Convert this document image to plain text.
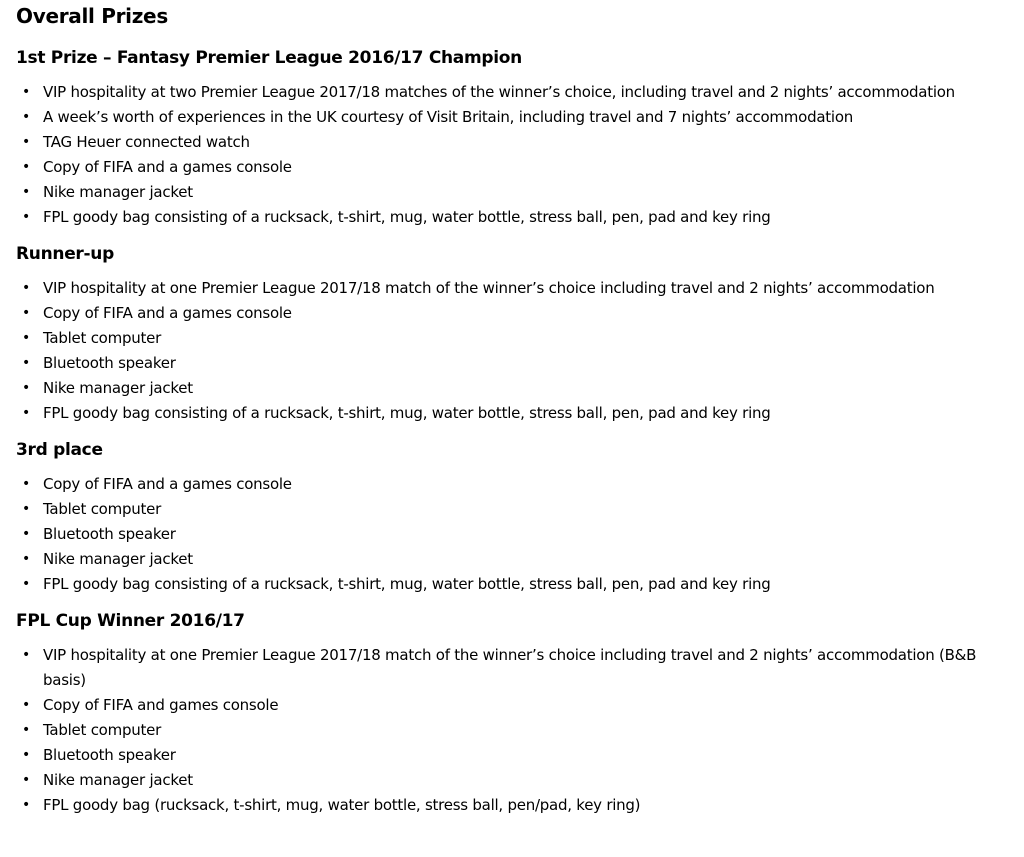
Overall Prizes
1st Prize – Fantasy Premier League 2016/17 Champion
• VIP hospitality at two Premier League 2017/18 matches of the winner’s choice, including travel and 2 nights’ accommodation
• A week’s worth of experiences in the UK courtesy of Visit Britain, including travel and 7 nights’ accommodation
• TAG Heuer connected watch
• Copy of FIFA and a games console
• Nike manager jacket
• FPL goody bag consisting of a rucksack, t-shirt, mug, water bottle, stress ball, pen, pad and key ring
Runner-up
• VIP hospitality at one Premier League 2017/18 match of the winner’s choice including travel and 2 nights’ accommodation
• Copy of FIFA and a games console
• Tablet computer
• Bluetooth speaker
• Nike manager jacket
• FPL goody bag consisting of a rucksack, t-shirt, mug, water bottle, stress ball, pen, pad and key ring
3rd place
• Copy of FIFA and a games console
• Tablet computer
• Bluetooth speaker
• Nike manager jacket
• FPL goody bag consisting of a rucksack, t-shirt, mug, water bottle, stress ball, pen, pad and key ring
FPL Cup Winner 2016/17
• VIP hospitality at one Premier League 2017/18 match of the winner’s choice including travel and 2 nights’ accommodation (B&B basis)
• Copy of FIFA and games console
• Tablet computer
• Bluetooth speaker
• Nike manager jacket
• FPL goody bag (rucksack, t-shirt, mug, water bottle, stress ball, pen/pad, key ring)
